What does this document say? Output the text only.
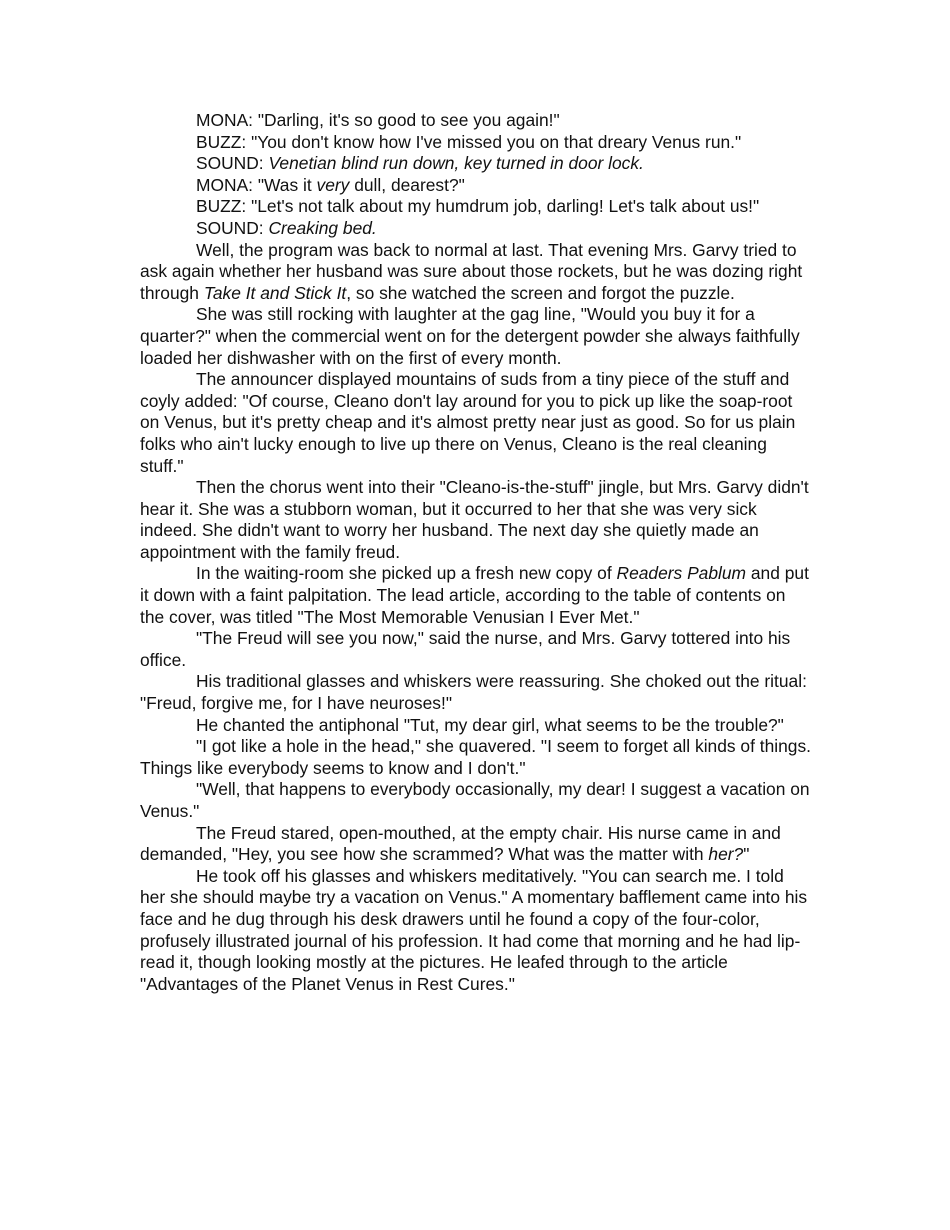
MONA: "Darling, it's so good to see you again!"

BUZZ: "You don't know how I've missed you on that dreary Venus run."

SOUND: Venetian blind run down, key turned in door lock.

MONA: "Was it very dull, dearest?"

BUZZ: "Let's not talk about my humdrum job, darling! Let's talk about us!"

SOUND: Creaking bed.

Well, the program was back to normal at last. That evening Mrs. Garvy tried to ask again whether her husband was sure about those rockets, but he was dozing right through Take It and Stick It, so she watched the screen and forgot the puzzle.

She was still rocking with laughter at the gag line, "Would you buy it for a quarter?" when the commercial went on for the detergent powder she always faithfully loaded her dishwasher with on the first of every month.

The announcer displayed mountains of suds from a tiny piece of the stuff and coyly added: "Of course, Cleano don't lay around for you to pick up like the soap-root on Venus, but it's pretty cheap and it's almost pretty near just as good. So for us plain folks who ain't lucky enough to live up there on Venus, Cleano is the real cleaning stuff."

Then the chorus went into their "Cleano-is-the-stuff" jingle, but Mrs. Garvy didn't hear it. She was a stubborn woman, but it occurred to her that she was very sick indeed. She didn't want to worry her husband. The next day she quietly made an appointment with the family freud.

In the waiting-room she picked up a fresh new copy of Readers Pablum and put it down with a faint palpitation. The lead article, according to the table of contents on the cover, was titled "The Most Memorable Venusian I Ever Met."

"The Freud will see you now," said the nurse, and Mrs. Garvy tottered into his office.

His traditional glasses and whiskers were reassuring. She choked out the ritual: "Freud, forgive me, for I have neuroses!"

He chanted the antiphonal "Tut, my dear girl, what seems to be the trouble?"

"I got like a hole in the head," she quavered. "I seem to forget all kinds of things. Things like everybody seems to know and I don't."

"Well, that happens to everybody occasionally, my dear! I suggest a vacation on Venus."

The Freud stared, open-mouthed, at the empty chair. His nurse came in and demanded, "Hey, you see how she scrammed? What was the matter with her?"

He took off his glasses and whiskers meditatively. "You can search me. I told her she should maybe try a vacation on Venus." A momentary bafflement came into his face and he dug through his desk drawers until he found a copy of the four-color, profusely illustrated journal of his profession. It had come that morning and he had lip-read it, though looking mostly at the pictures. He leafed through to the article "Advantages of the Planet Venus in Rest Cures."
